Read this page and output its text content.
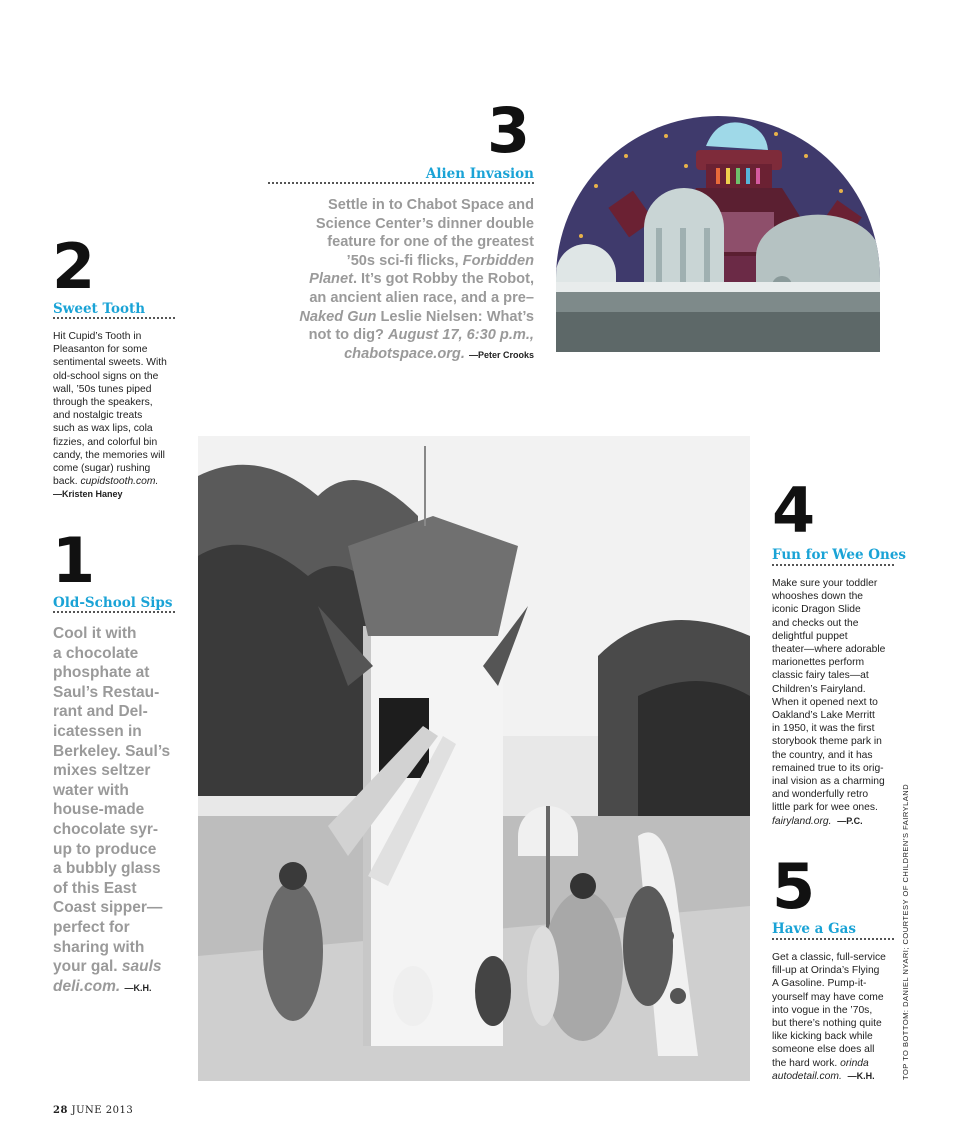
3
Alien Invasion
Settle in to Chabot Space and
Science Center’s dinner double
feature for one of the greatest
’50s sci-fi flicks, Forbidden
Planet. It’s got Robby the Robot,
an ancient alien race, and a pre–
Naked Gun Leslie Nielsen: What’s
not to dig? August 17, 6:30 p.m.,
chabotspace.org. —Peter Crooks
2
Sweet Tooth
Hit Cupid’s Tooth in
Pleasanton for some
sentimental sweets. With
old-school signs on the
wall, ’50s tunes piped
through the speakers,
and nostalgic treats
such as wax lips, cola
fizzies, and colorful bin
candy, the memories will
come (sugar) rushing
back. cupidstooth.com.
—Kristen Haney
1
Old-School Sips
Cool it with
a chocolate
phosphate at
Saul’s Restau-
rant and Del-
icatessen in
Berkeley. Saul’s
mixes seltzer
water with
house-made
chocolate syr-
up to produce
a bubbly glass
of this East
Coast sipper—
perfect for
sharing with
your gal. sauls
deli.com. —K.H.
4
Fun for Wee Ones
Make sure your toddler
whooshes down the
iconic Dragon Slide
and checks out the
delightful puppet
theater—where adorable
marionettes perform
classic fairy tales—at
Children’s Fairyland.
When it opened next to
Oakland’s Lake Merritt
in 1950, it was the first
storybook theme park in
the country, and it has
remained true to its orig-
inal vision as a charming
and wonderfully retro
little park for wee ones.
fairyland.org. —P.C.
5
Have a Gas
Get a classic, full-service
fill-up at Orinda’s Flying
A Gasoline. Pump-it-
yourself may have come
into vogue in the ’70s,
but there’s nothing quite
like kicking back while
someone else does all
the hard work. orinda
autodetail.com. —K.H.	TOP TO BOTTOM: DANIEL NYARI; COURTESY OF CHILDREN’S FAIRYLAND
28 JUNE 2013
